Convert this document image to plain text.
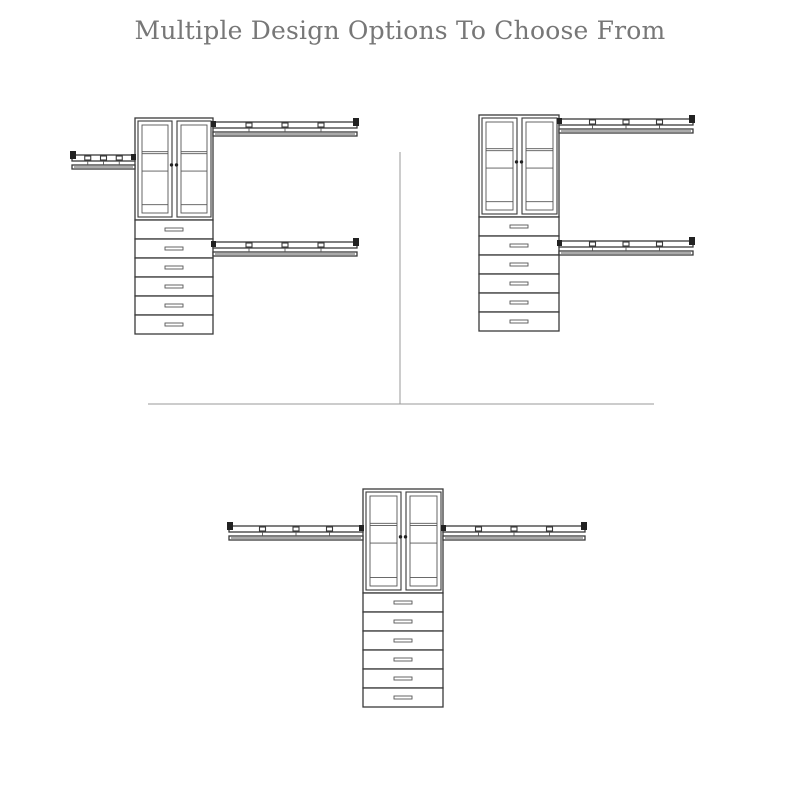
Multiple Design Options To Choose From
